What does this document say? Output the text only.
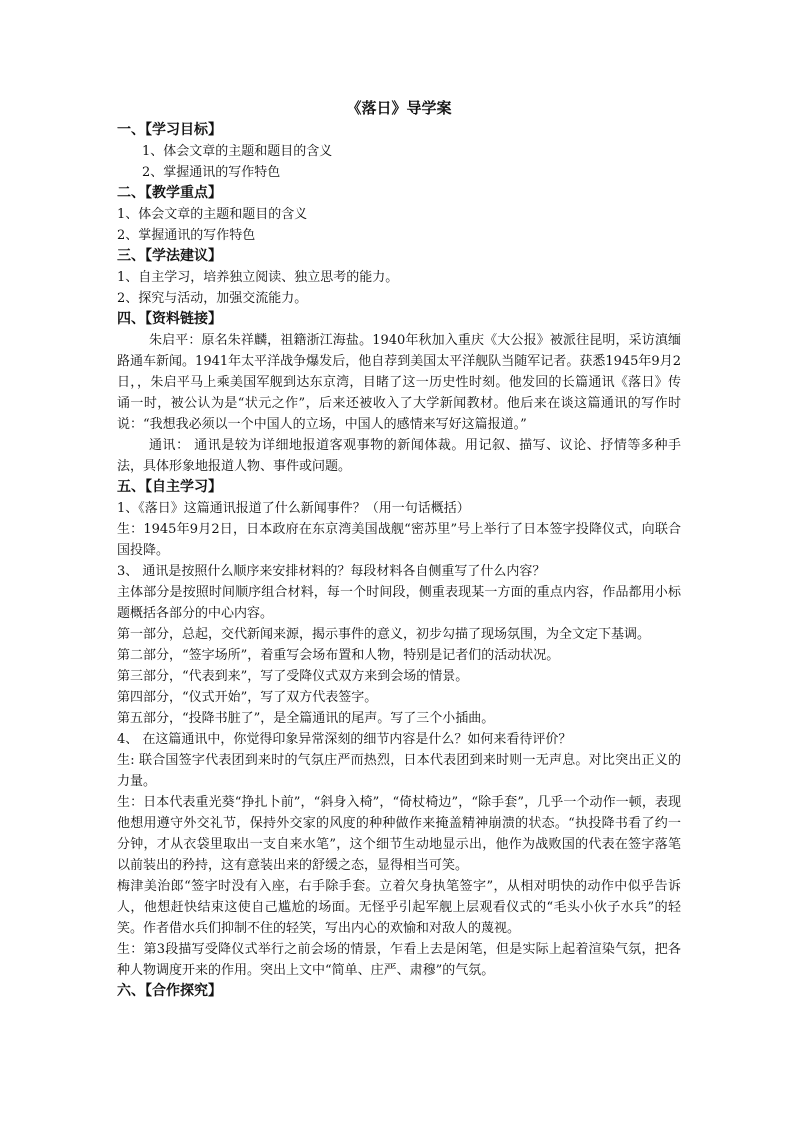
《落日》导学案
一、【学习目标】

1、体会文章的主题和题目的含义

2、掌握通讯的写作特色

二、【教学重点】

1、体会文章的主题和题目的含义

2、掌握通讯的写作特色

三、【学法建议】

1、自主学习，培养独立阅读、独立思考的能力。

2、探究与活动，加强交流能力。

四、【资料链接】

朱启平：原名朱祥麟，祖籍浙江海盐。1940年秋加入重庆《大公报》被派往昆明，采访滇缅路通车新闻。1941年太平洋战争爆发后，他自荐到美国太平洋舰队当随军记者。获悉1945年9月2日，，朱启平马上乘美国军舰到达东京湾，目睹了这一历史性时刻。他发回的长篇通讯《落日》传诵一时，被公认为是“状元之作”，后来还被收入了大学新闻教材。他后来在谈这篇通讯的写作时说：“我想我必须以一个中国人的立场，中国人的感情来写好这篇报道。”

通讯： 通讯是较为详细地报道客观事物的新闻体裁。用记叙、描写、议论、抒情等多种手法，具体形象地报道人物、事件或问题。

五、【自主学习】

1、《落日》这篇通讯报道了什么新闻事件？（用一句话概括）

生：1945年9月2日，日本政府在东京湾美国战舰“密苏里”号上举行了日本签字投降仪式，向联合国投降。

3、 通讯是按照什么顺序来安排材料的？每段材料各自侧重写了什么内容？

主体部分是按照时间顺序组合材料，每一个时间段，侧重表现某一方面的重点内容，作品都用小标题概括各部分的中心内容。

第一部分，总起，交代新闻来源，揭示事件的意义，初步勾描了现场氛围，为全文定下基调。

第二部分，“签字场所”，着重写会场布置和人物，特别是记者们的活动状况。

第三部分，“代表到来”，写了受降仪式双方来到会场的情景。

第四部分，“仪式开始”，写了双方代表签字。

第五部分，“投降书脏了”，是全篇通讯的尾声。写了三个小插曲。

4、 在这篇通讯中，你觉得印象异常深刻的细节内容是什么？如何来看待评价？

生: 联合国签字代表团到来时的气氛庄严而热烈，日本代表团到来时则一无声息。对比突出正义的力量。

生：日本代表重光葵“挣扎卜前”，“斜身入椅”，“倚杖椅边”，“除手套”，几乎一个动作一顿，表现他想用遵守外交礼节，保持外交家的风度的种种做作来掩盖精神崩溃的状态。“执投降书看了约一分钟，才从衣袋里取出一支自来水笔”，这个细节生动地显示出，他作为战败国的代表在签字落笔以前装出的矜持，这有意装出来的舒缓之态，显得相当可笑。

梅津美治郎“签字时没有入座，右手除手套。立着欠身执笔签字”，从相对明快的动作中似乎告诉人，他想赶快结束这使自己尴尬的场面。无怪乎引起军舰上层观看仪式的“毛头小伙子水兵”的轻笑。作者借水兵们抑制不住的轻笑，写出内心的欢愉和对敌人的蔑视。

生：第3段描写受降仪式举行之前会场的情景，乍看上去是闲笔，但是实际上起着渲染气氛，把各种人物调度开来的作用。突出上文中“简单、庄严、肃穆”的气氛。

六、【合作探究】
